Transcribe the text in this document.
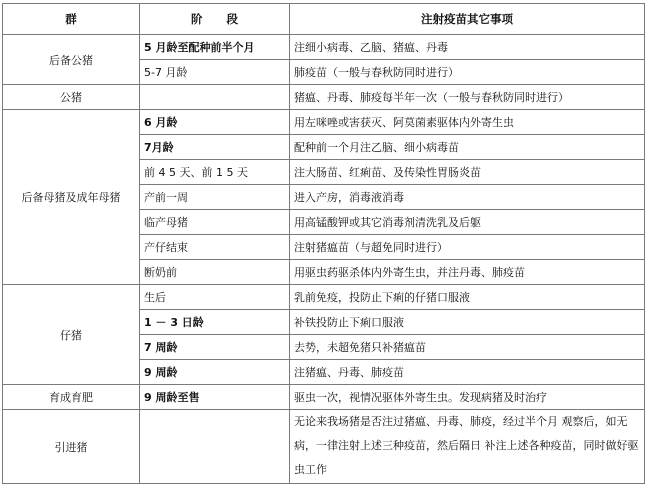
群	阶      段	注射疫苗其它事项
后备公猪	5 月龄至配种前半个月	注细小病毒、乙脑、猪瘟、丹毒
	5-7 月龄	肺疫苗（一般与春秋防同时进行）
公猪		猪瘟、丹毒、肺疫每半年一次（一般与春秋防同时进行）
后备母猪及成年母猪	6 月龄	用左咪唑或害获灭、阿莫菌素驱体内外寄生虫
	7月龄	配种前一个月注乙脑、细小病毒苗
	前 4 5 天、前 1 5 天	注大肠苗、红痢苗、及传染性胃肠炎苗
	产前一周	进入产房，消毒液消毒
	临产母猪	用高锰酸钾或其它消毒剂清洗乳及后躯
	产仔结束	注射猪瘟苗（与超免同时进行）
	断奶前	用驱虫药驱杀体内外寄生虫，并注丹毒、肺疫苗
仔猪	生后	乳前免疫，投防止下痢的仔猪口服液
	1 － 3 日龄	补铁投防止下痢口服液
	7 周龄	去势，未超免猪只补猪瘟苗
	9 周龄	注猪瘟、丹毒、肺疫苗
育成育肥	9 周龄至售	驱虫一次，视情况驱体外寄生虫。发现病猪及时治疗
引进猪		无论来我场猪是否注过猪瘟、丹毒、肺疫，经过半个月 观察后，如无病，一律注射上述三种疫苗，然后隔日 补注上述各种疫苗，同时做好驱虫工作
